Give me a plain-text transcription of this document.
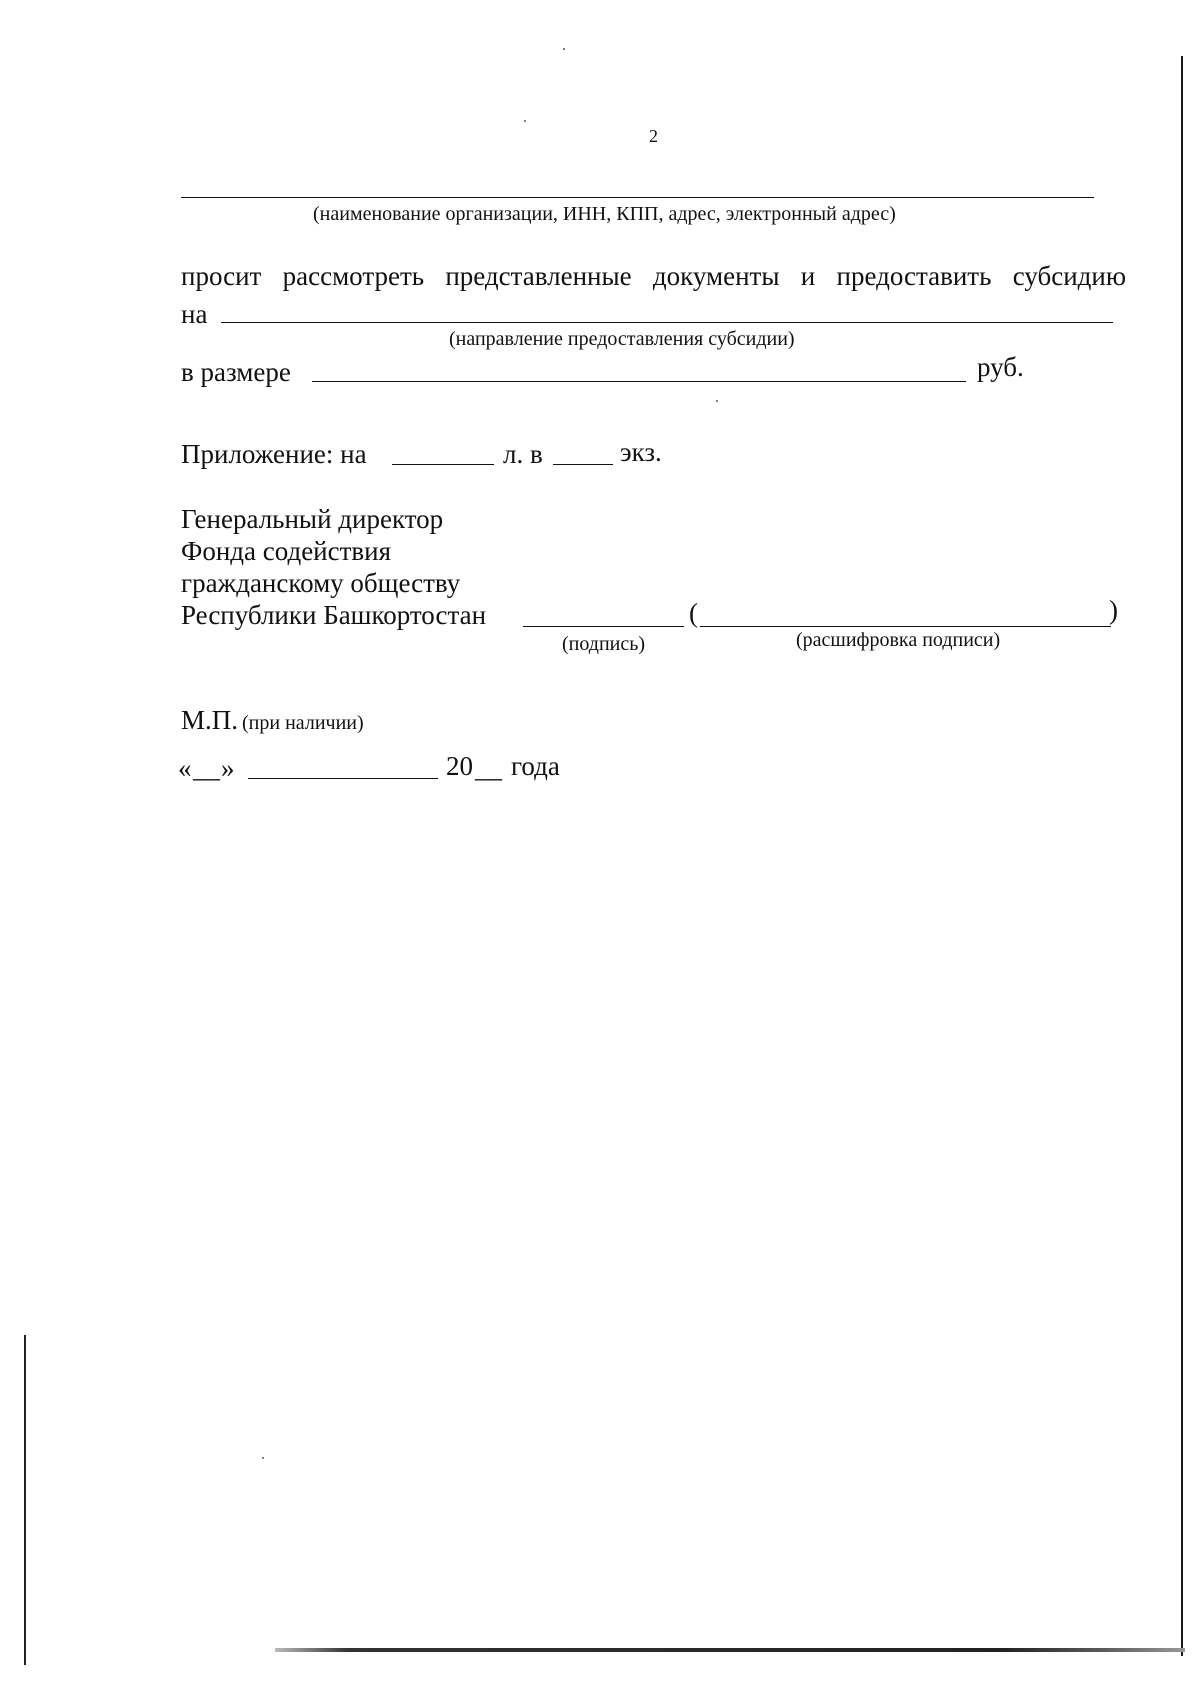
2
(наименование организации, ИНН, КПП, адрес, электронный адрес)
просит рассмотреть представленные документы и предоставить субсидию
на
(направление предоставления субсидии)
в размере	руб.
Приложение: на	л. в	экз.
Генеральный директор
Фонда содействия
гражданскому обществу
Республики Башкортостан	(	)
(подпись)	(расшифровка подписи)
М.П. (при наличии)
« __ »	20 __ года
